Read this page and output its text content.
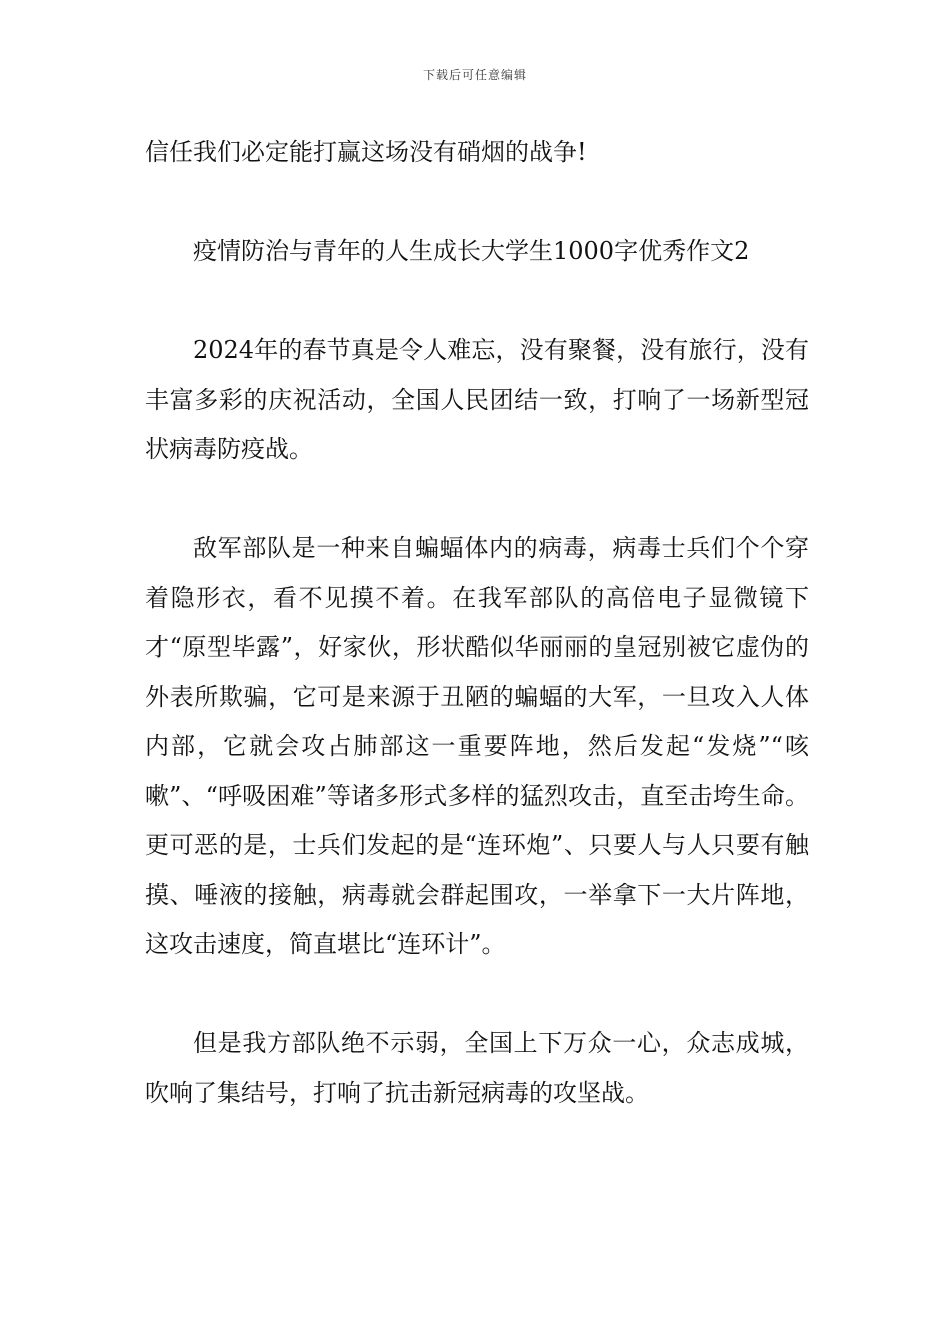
下载后可任意编辑

信任我们必定能打赢这场没有硝烟的战争!

疫情防治与青年的人生成长大学生1000字优秀作文2

2024年的春节真是令人难忘，没有聚餐，没有旅行，没有丰富多彩的庆祝活动，全国人民团结一致，打响了一场新型冠状病毒防疫战。

敌军部队是一种来自蝙蝠体内的病毒，病毒士兵们个个穿着隐形衣，看不见摸不着。在我军部队的高倍电子显微镜下才“原型毕露”，好家伙，形状酷似华丽丽的皇冠别被它虚伪的外表所欺骗，它可是来源于丑陋的蝙蝠的大军，一旦攻入人体内部，它就会攻占肺部这一重要阵地，然后发起“发烧”“咳嗽”、“呼吸困难”等诸多形式多样的猛烈攻击，直至击垮生命。更可恶的是，士兵们发起的是“连环炮”、只要人与人只要有触摸、唾液的接触，病毒就会群起围攻，一举拿下一大片阵地，这攻击速度，简直堪比“连环计”。

但是我方部队绝不示弱，全国上下万众一心，众志成城，吹响了集结号，打响了抗击新冠病毒的攻坚战。
